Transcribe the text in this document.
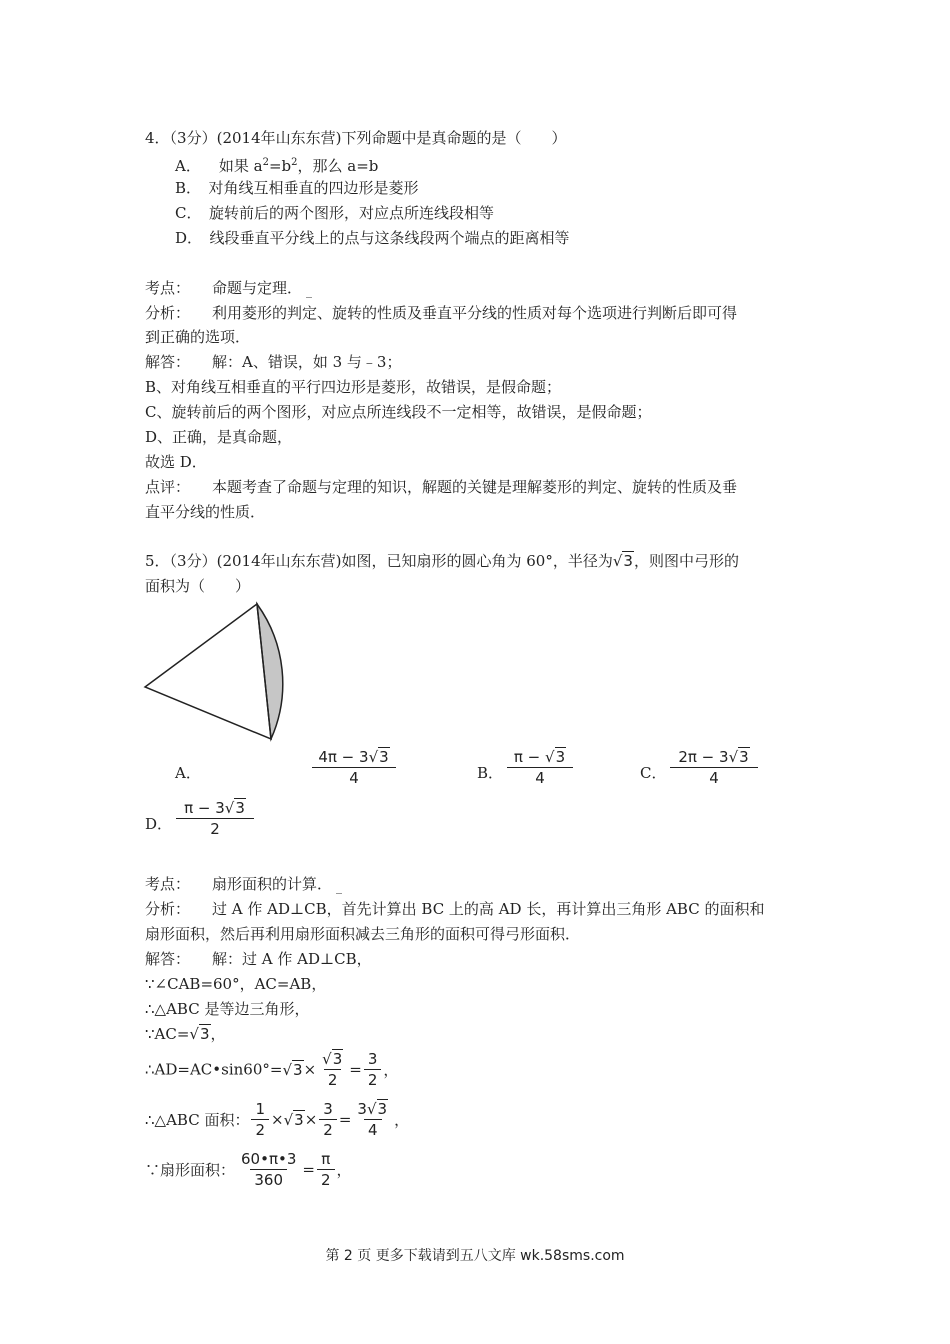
4．（3分）(2014年山东东营)下列命题中是真命题的是（　　）
A． 如果 $a^2=b^2$，那么 a=b
B．　对角线互相垂直的四边形是菱形
C．　旋转前后的两个图形，对应点所连线段相等
D．　线段垂直平分线上的点与这条线段两个端点的距离相等
考点： 命题与定理．
分析： 利用菱形的判定、旋转的性质及垂直平分线的性质对每个选项进行判断后即可得
到正确的选项．
解答： 解：A、错误，如 3 与﹣3；
B、对角线互相垂直的平行四边形是菱形，故错误，是假命题；
C、旋转前后的两个图形，对应点所连线段不一定相等，故错误，是假命题；
D、正确，是真命题，
故选 D．
点评： 本题考查了命题与定理的知识，解题的关键是理解菱形的判定、旋转的性质及垂
直平分线的性质．
5．（3分）(2014年山东东营)如图，已知扇形的圆心角为 60°，半径为√3，则图中弓形的
面积为（　　）
A．	$\frac{4\pi - 3√3}{4}$	B． $\frac{\pi - √3}{4}$	C． $\frac{2\pi - 3√3}{4}$
D． $\frac{\pi - 3√3}{2}$
考点： 扇形面积的计算．
分析： 过 A 作 AD⊥CB，首先计算出 BC 上的高 AD 长，再计算出三角形 ABC 的面积和
扇形面积，然后再利用扇形面积减去三角形的面积可得弓形面积．
解答： 解：过 A 作 AD⊥CB，
∵∠CAB=60°，AC=AB，
∴△ABC 是等边三角形，
∵AC=√3，
∴AD=AC•sin60°=√3× $\frac{√3}{2} = \frac{3}{2}$ ，
∴△ABC 面积： $\frac{1}{2} \times√3\times \frac{3}{2} = \frac{3√3}{4}$ ，
∵扇形面积： $\frac{60•\pi•3}{360} = \frac{\pi}{2}$ ，
第 2 页 更多下载请到五八文库 wk.58sms.com
